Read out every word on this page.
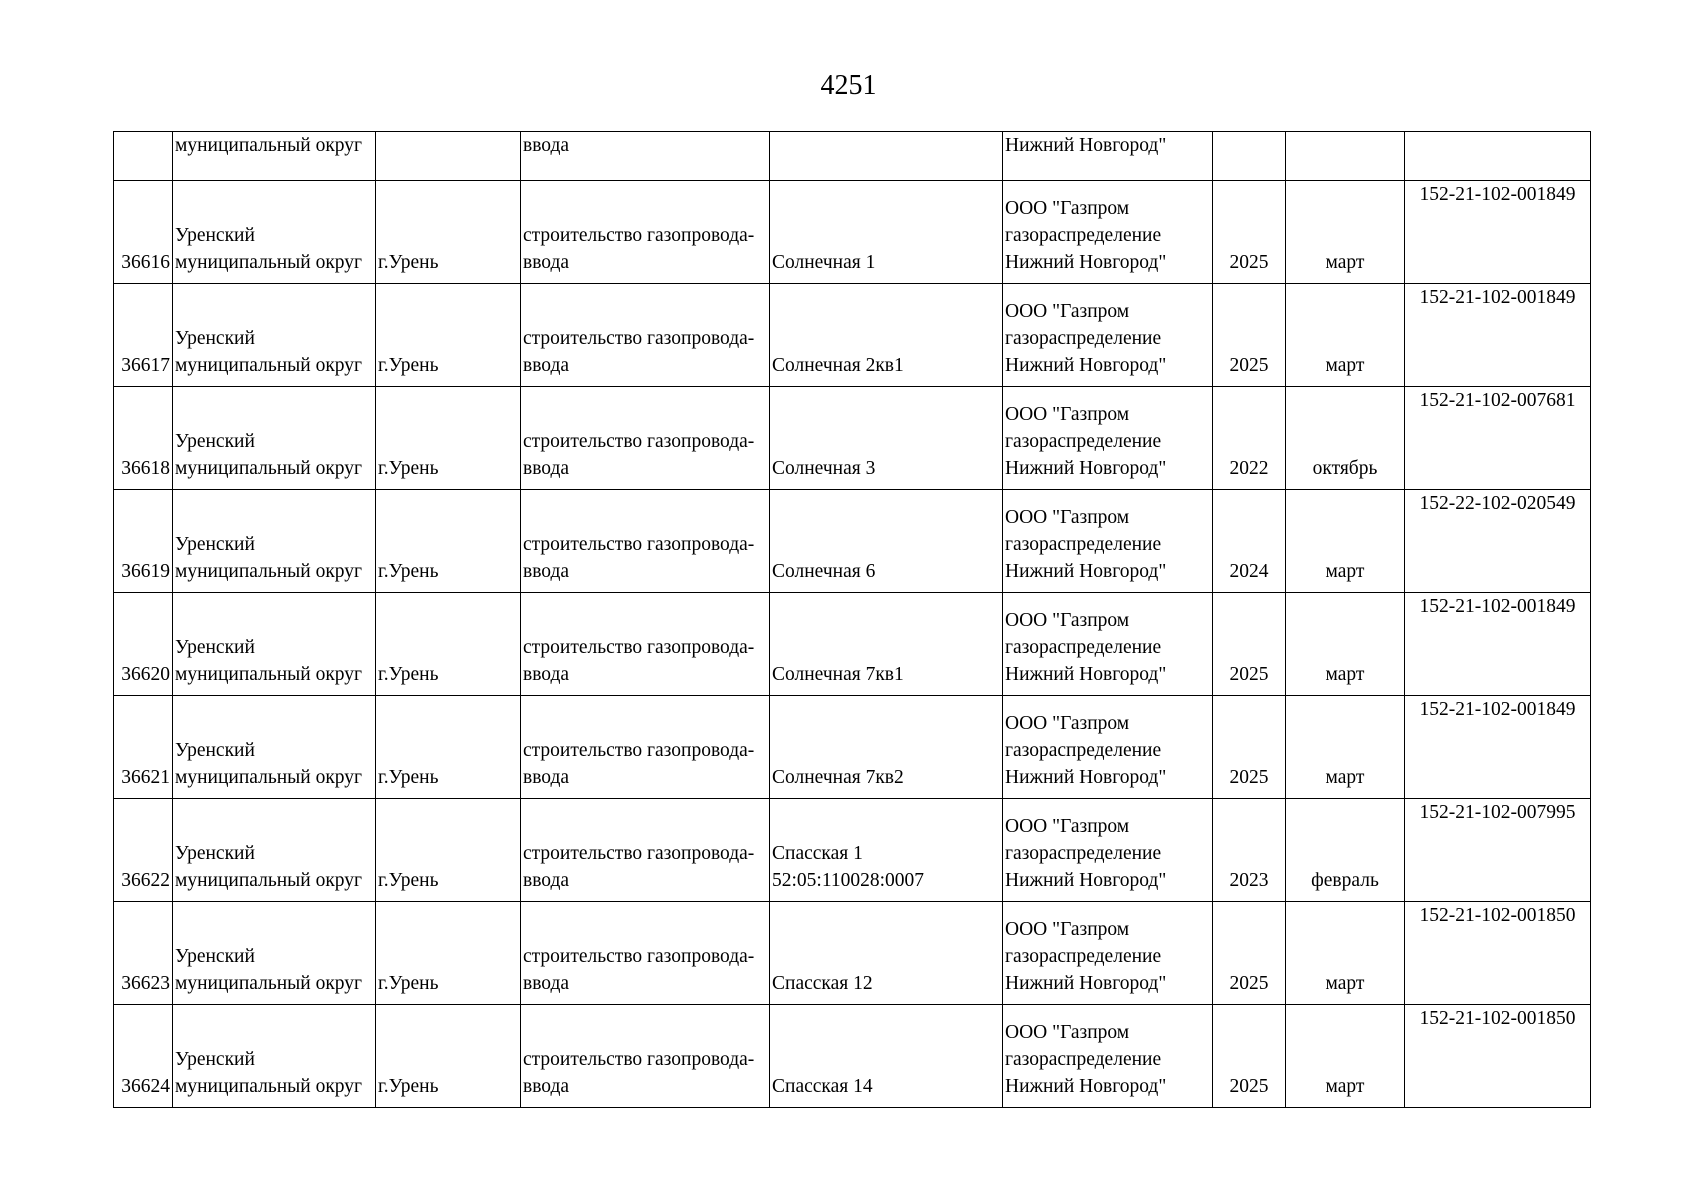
4251
	муниципальный округ		ввода		Нижний Новгород"			

36616	Уренский
муниципальный округ	г.Урень	строительство газопровода-
ввода	Солнечная 1	ООО "Газпром
газораспределение
Нижний Новгород"	2025	март	152-21-102-001849

36617	Уренский
муниципальный округ	г.Урень	строительство газопровода-
ввода	Солнечная 2кв1	ООО "Газпром
газораспределение
Нижний Новгород"	2025	март	152-21-102-001849

36618	Уренский
муниципальный округ	г.Урень	строительство газопровода-
ввода	Солнечная 3	ООО "Газпром
газораспределение
Нижний Новгород"	2022	октябрь	152-21-102-007681

36619	Уренский
муниципальный округ	г.Урень	строительство газопровода-
ввода	Солнечная 6	ООО "Газпром
газораспределение
Нижний Новгород"	2024	март	152-22-102-020549

36620	Уренский
муниципальный округ	г.Урень	строительство газопровода-
ввода	Солнечная 7кв1	ООО "Газпром
газораспределение
Нижний Новгород"	2025	март	152-21-102-001849

36621	Уренский
муниципальный округ	г.Урень	строительство газопровода-
ввода	Солнечная 7кв2	ООО "Газпром
газораспределение
Нижний Новгород"	2025	март	152-21-102-001849

36622	Уренский
муниципальный округ	г.Урень	строительство газопровода-
ввода	Спасская 1
52:05:110028:0007	ООО "Газпром
газораспределение
Нижний Новгород"	2023	февраль	152-21-102-007995

36623	Уренский
муниципальный округ	г.Урень	строительство газопровода-
ввода	Спасская 12	ООО "Газпром
газораспределение
Нижний Новгород"	2025	март	152-21-102-001850

36624	Уренский
муниципальный округ	г.Урень	строительство газопровода-
ввода	Спасская 14	ООО "Газпром
газораспределение
Нижний Новгород"	2025	март	152-21-102-001850
